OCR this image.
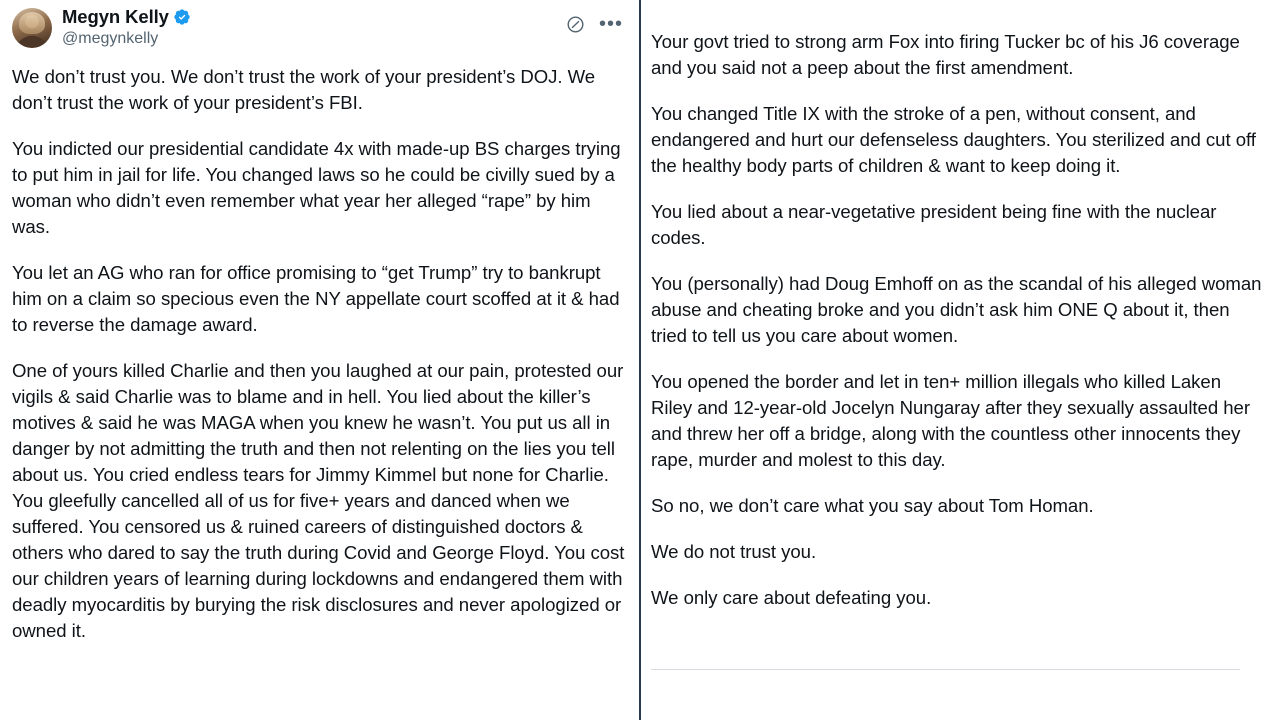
Megyn Kelly
@megynkelly
•••

We don’t trust you. We don’t trust the work of your president’s DOJ. We don’t trust the work of your president’s FBI.

You indicted our presidential candidate 4x with made-up BS charges trying to put him in jail for life. You changed laws so he could be civilly sued by a woman who didn’t even remember what year her alleged “rape” by him was.

You let an AG who ran for office promising to “get Trump” try to bankrupt him on a claim so specious even the NY appellate court scoffed at it & had to reverse the damage award.

One of yours killed Charlie and then you laughed at our pain, protested our vigils & said Charlie was to blame and in hell. You lied about the killer’s motives & said he was MAGA when you knew he wasn’t. You put us all in danger by not admitting the truth and then not relenting on the lies you tell about us. You cried endless tears for Jimmy Kimmel but none for Charlie.

You gleefully cancelled all of us for five+ years and danced when we suffered. You censored us & ruined careers of distinguished doctors & others who dared to say the truth during Covid and George Floyd. You cost our children years of learning during lockdowns and endangered them with deadly myocarditis by burying the risk disclosures and never apologized or owned it.

Your govt tried to strong arm Fox into firing Tucker bc of his J6 coverage and you said not a peep about the first amendment.

You changed Title IX with the stroke of a pen, without consent, and endangered and hurt our defenseless daughters. You sterilized and cut off the healthy body parts of children & want to keep doing it.

You lied about a near-vegetative president being fine with the nuclear codes.

You (personally) had Doug Emhoff on as the scandal of his alleged woman abuse and cheating broke and you didn’t ask him ONE Q about it, then tried to tell us you care about women.

You opened the border and let in ten+ million illegals who killed Laken Riley and 12-year-old Jocelyn Nungaray after they sexually assaulted her and threw her off a bridge, along with the countless other innocents they rape, murder and molest to this day.

So no, we don’t care what you say about Tom Homan.

We do not trust you.

We only care about defeating you.
